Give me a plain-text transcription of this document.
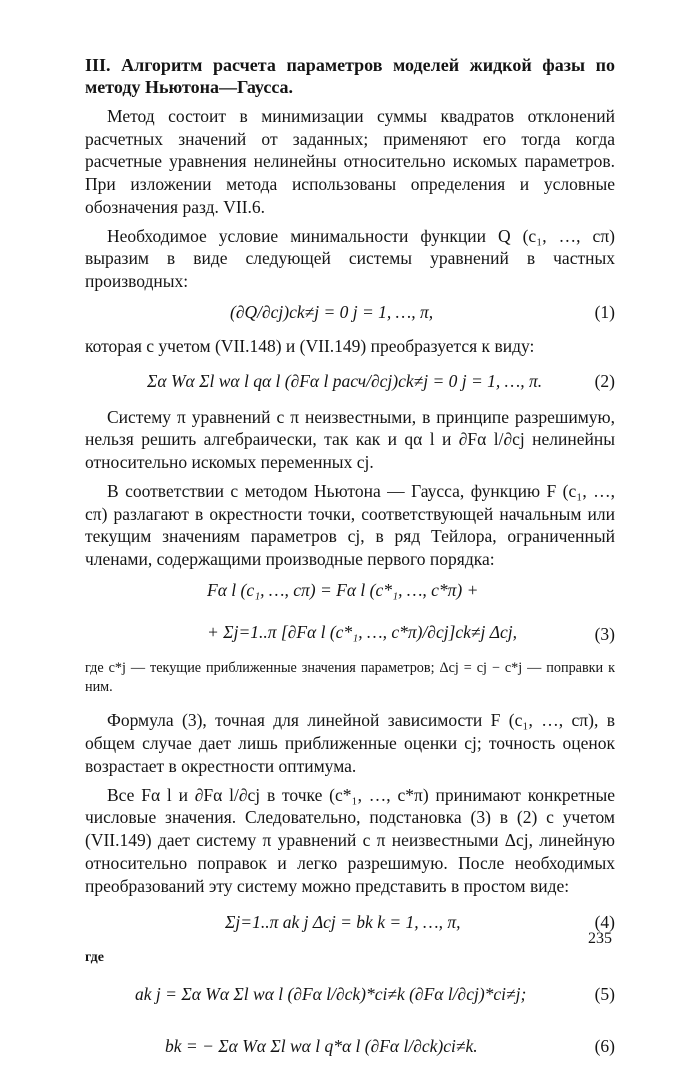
III. Алгоритм расчета параметров моделей жидкой фазы по методу Ньютона—Гаусса.

Метод состоит в минимизации суммы квадратов отклонений расчетных значений от заданных; применяют его тогда когда расчетные уравнения нелинейны относительно искомых параметров. При изложении метода использованы определения и условные обозначения разд. VII.6.

Необходимое условие минимальности функции Q (c₁, …, cπ) выразим в виде следующей системы уравнений в частных производных:

(∂Q/∂cj)ck≠j = 0 j = 1, …, π,	(1)

которая с учетом (VII.148) и (VII.149) преобразуется к виду:

Σα Wα Σl wα l qα l (∂Fα l расч/∂cj)ck≠j = 0 j = 1, …, π.	(2)

Систему π уравнений с π неизвестными, в принципе разрешимую, нельзя решить алгебраически, так как и qα l и ∂Fα l/∂cj нелинейны относительно искомых переменных cj.

В соответствии с методом Ньютона — Гаусса, функцию F (c₁, …, cπ) разлагают в окрестности точки, соответствующей начальным или текущим значениям параметров cj, в ряд Тейлора, ограниченный членами, содержащими производные первого порядка:

Fα l (c₁, …, cπ) = Fα l (c*₁, …, c*π) +
+ Σj=1..π [∂Fα l (c*₁, …, c*π)/∂cj]ck≠j Δcj,	(3)

где c*j — текущие приближенные значения параметров; Δcj = cj − c*j — поправки к ним.

Формула (3), точная для линейной зависимости F (c₁, …, cπ), в общем случае дает лишь приближенные оценки cj; точность оценок возрастает в окрестности оптимума.

Все Fα l и ∂Fα l/∂cj в точке (c*₁, …, c*π) принимают конкретные числовые значения. Следовательно, подстановка (3) в (2) с учетом (VII.149) дает систему π уравнений с π неизвестными Δcj, линейную относительно поправок и легко разрешимую. После необходимых преобразований эту систему можно представить в простом виде:

Σj=1..π ak j Δcj = bk k = 1, …, π,	(4)
где
ak j = Σα Wα Σl wα l (∂Fα l/∂ck)*ci≠k (∂Fα l/∂cj)*ci≠j;	(5)
bk = − Σα Wα Σl wα l q*α l (∂Fα l/∂ck)ci≠k.	(6)
235
